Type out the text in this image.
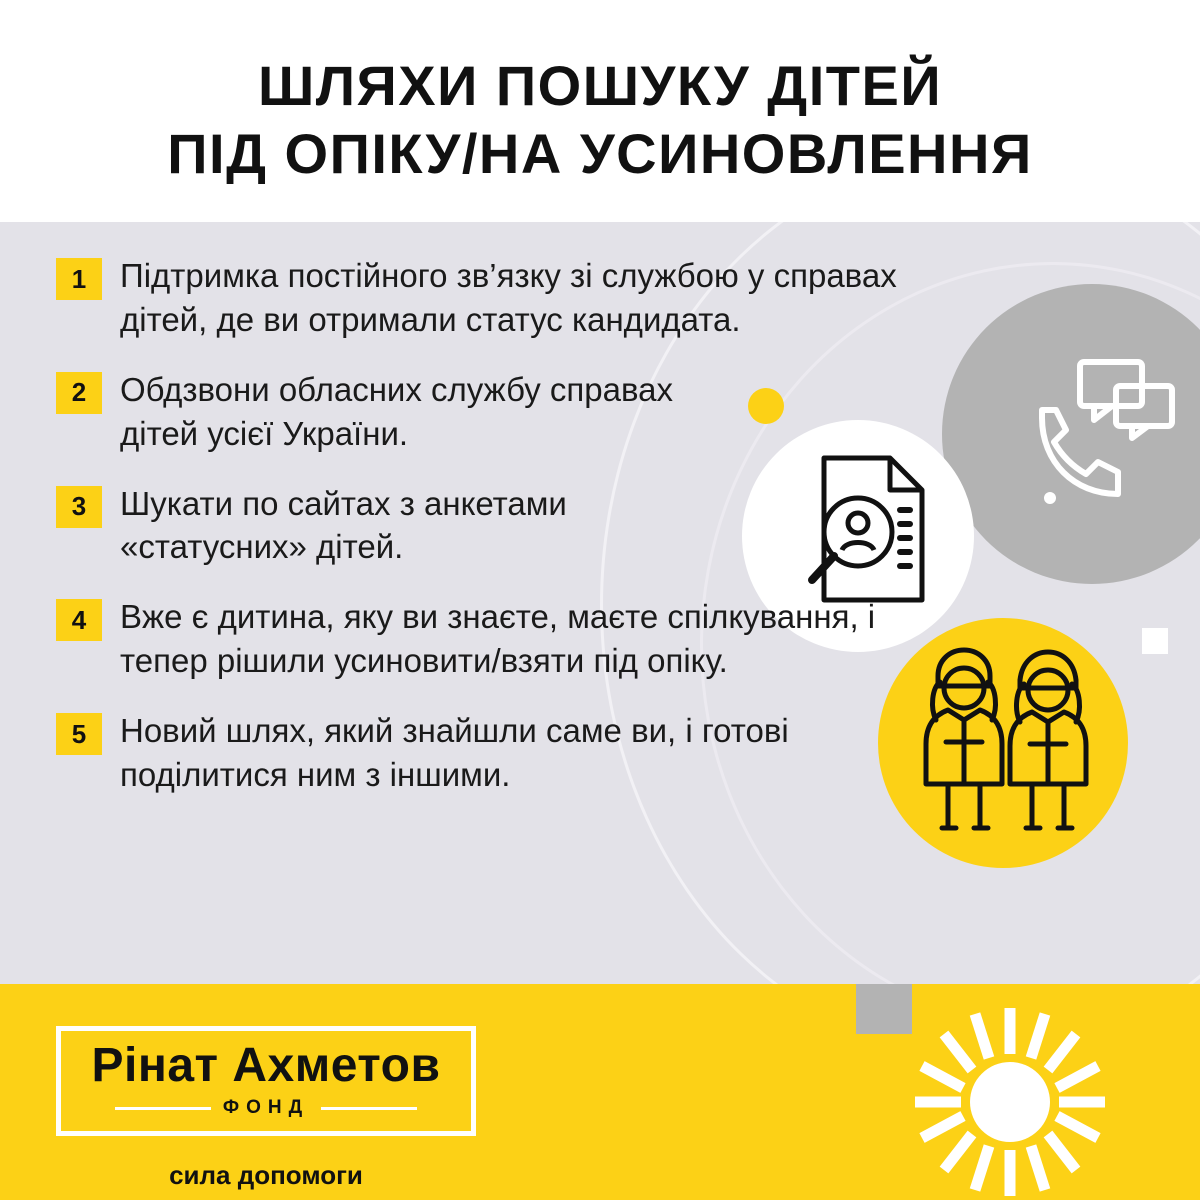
ШЛЯХИ ПОШУКУ ДІТЕЙ
ПІД ОПІКУ/НА УСИНОВЛЕННЯ
1	Підтримка постійного зв’язку зі службою у справах дітей, де ви отримали статус кандидата.
2	Обдзвони обласних службу справах дітей усієї України.
3	Шукати по сайтах з анкетами «статусних» дітей.
4	Вже є дитина, яку ви знаєте, маєте спілкування, і тепер рішили усиновити/взяти під опіку.
5	Новий шлях, який знайшли саме ви, і готові поділитися ним з іншими.
Рінат Ахметов
ФОНД
сила допомоги
